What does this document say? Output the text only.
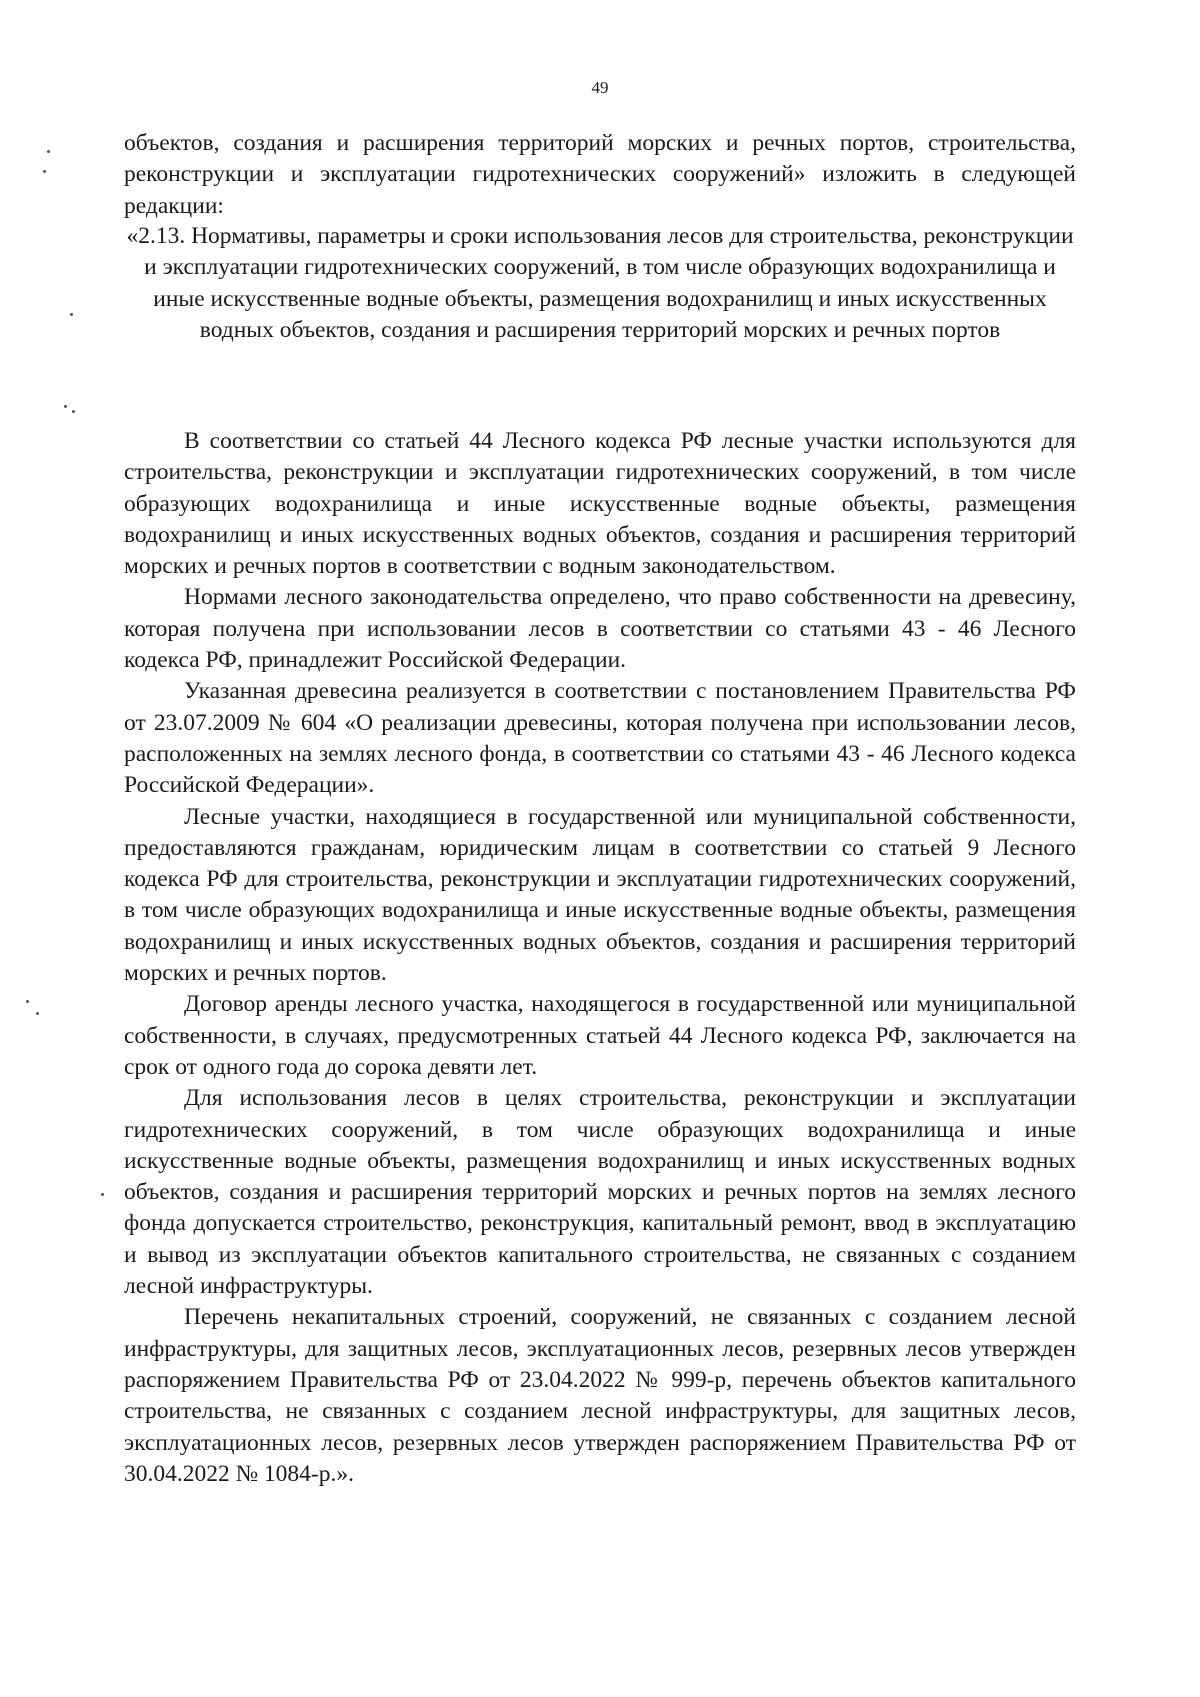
49

объектов, создания и расширения территорий морских и речных портов, строительства, реконструкции и эксплуатации гидротехнических сооружений» изложить в следующей редакции:

«2.13. Нормативы, параметры и сроки использования лесов для строительства, реконструкции и эксплуатации гидротехнических сооружений, в том числе образующих водохранилища и иные искусственные водные объекты, размещения водохранилищ и иных искусственных водных объектов, создания и расширения территорий морских и речных портов

В соответствии со статьей 44 Лесного кодекса РФ лесные участки используются для строительства, реконструкции и эксплуатации гидротехнических сооружений, в том числе образующих водохранилища и иные искусственные водные объекты, размещения водохранилищ и иных искусственных водных объектов, создания и расширения территорий морских и речных портов в соответствии с водным законодательством.

Нормами лесного законодательства определено, что право собственности на древесину, которая получена при использовании лесов в соответствии со статьями 43 - 46 Лесного кодекса РФ, принадлежит Российской Федерации.

Указанная древесина реализуется в соответствии с постановлением Правительства РФ от 23.07.2009 № 604 «О реализации древесины, которая получена при использовании лесов, расположенных на землях лесного фонда, в соответствии со статьями 43 - 46 Лесного кодекса Российской Федерации».

Лесные участки, находящиеся в государственной или муниципальной собственности, предоставляются гражданам, юридическим лицам в соответствии со статьей 9 Лесного кодекса РФ для строительства, реконструкции и эксплуатации гидротехнических сооружений, в том числе образующих водохранилища и иные искусственные водные объекты, размещения водохранилищ и иных искусственных водных объектов, создания и расширения территорий морских и речных портов.

Договор аренды лесного участка, находящегося в государственной или муниципальной собственности, в случаях, предусмотренных статьей 44 Лесного кодекса РФ, заключается на срок от одного года до сорока девяти лет.

Для использования лесов в целях строительства, реконструкции и эксплуатации гидротехнических сооружений, в том числе образующих водохранилища и иные искусственные водные объекты, размещения водохранилищ и иных искусственных водных объектов, создания и расширения территорий морских и речных портов на землях лесного фонда допускается строительство, реконструкция, капитальный ремонт, ввод в эксплуатацию и вывод из эксплуатации объектов капитального строительства, не связанных с созданием лесной инфраструктуры.

Перечень некапитальных строений, сооружений, не связанных с созданием лесной инфраструктуры, для защитных лесов, эксплуатационных лесов, резервных лесов утвержден распоряжением Правительства РФ от 23.04.2022 № 999-р, перечень объектов капитального строительства, не связанных с созданием лесной инфраструктуры, для защитных лесов, эксплуатационных лесов, резервных лесов утвержден распоряжением Правительства РФ от 30.04.2022 № 1084-р.».
